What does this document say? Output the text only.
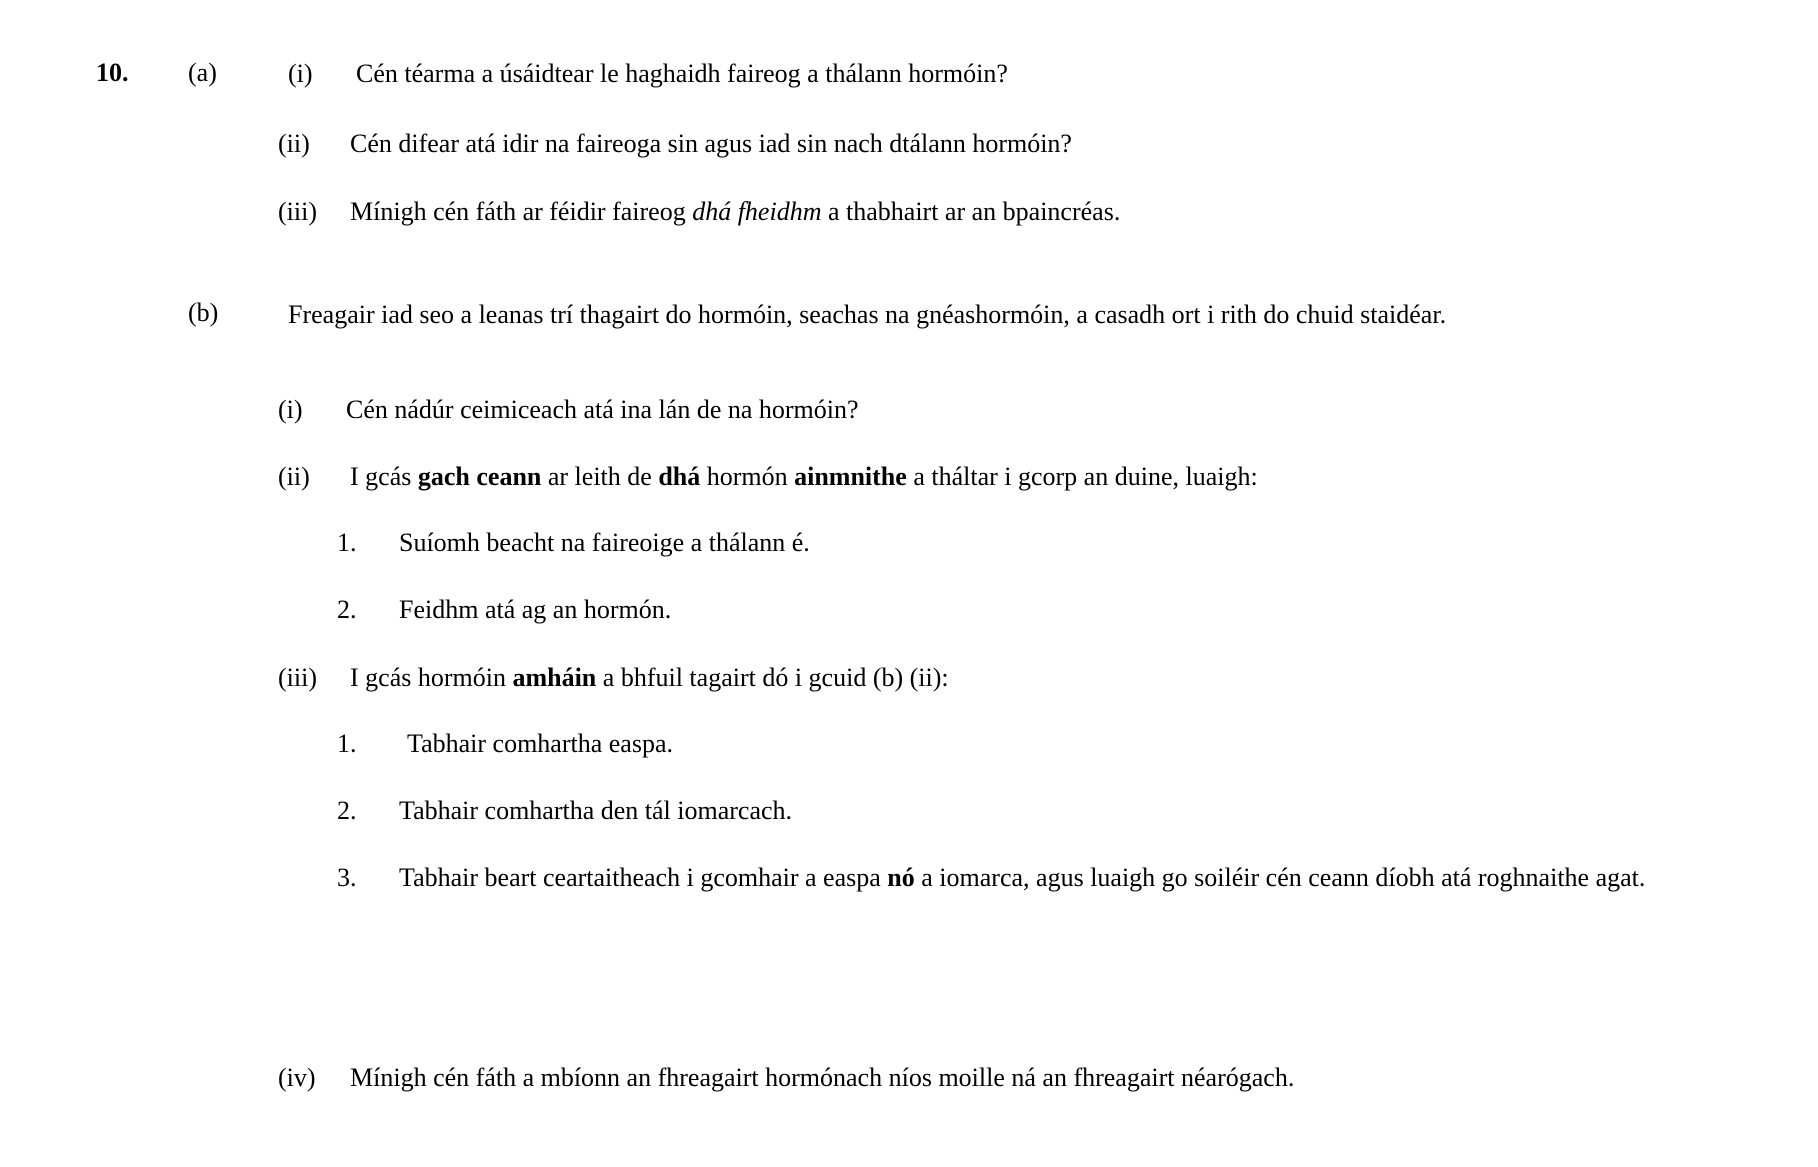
10.	(a)	(i)	Cén téarma a úsáidtear le haghaidh faireog a thálann hormóin?
(ii)	Cén difear atá idir na faireoga sin agus iad sin nach dtálann hormóin?
(iii)	Mínigh cén fáth ar féidir faireog dhá fheidhm a thabhairt ar an bpaincréas.
(b)	Freagair iad seo a leanas trí thagairt do hormóin, seachas na gnéashormóin, a casadh ort i rith do chuid staidéar.
(i)	Cén nádúr ceimiceach atá ina lán de na hormóin?
(ii)	I gcás gach ceann ar leith de dhá hormón ainmnithe a tháltar i gcorp an duine, luaigh:
1.	Suíomh beacht na faireoige a thálann é.
2.	Feidhm atá ag an hormón.
(iii)	I gcás hormóin amháin a bhfuil tagairt dó i gcuid (b) (ii):
1.	Tabhair comhartha easpa.
2.	Tabhair comhartha den tál iomarcach.
3.	Tabhair beart ceartaitheach i gcomhair a easpa nó a iomarca, agus luaigh go soiléir cén ceann díobh atá roghnaithe agat.
(iv)	Mínigh cén fáth a mbíonn an fhreagairt hormónach níos moille ná an fhreagairt néarógach.
